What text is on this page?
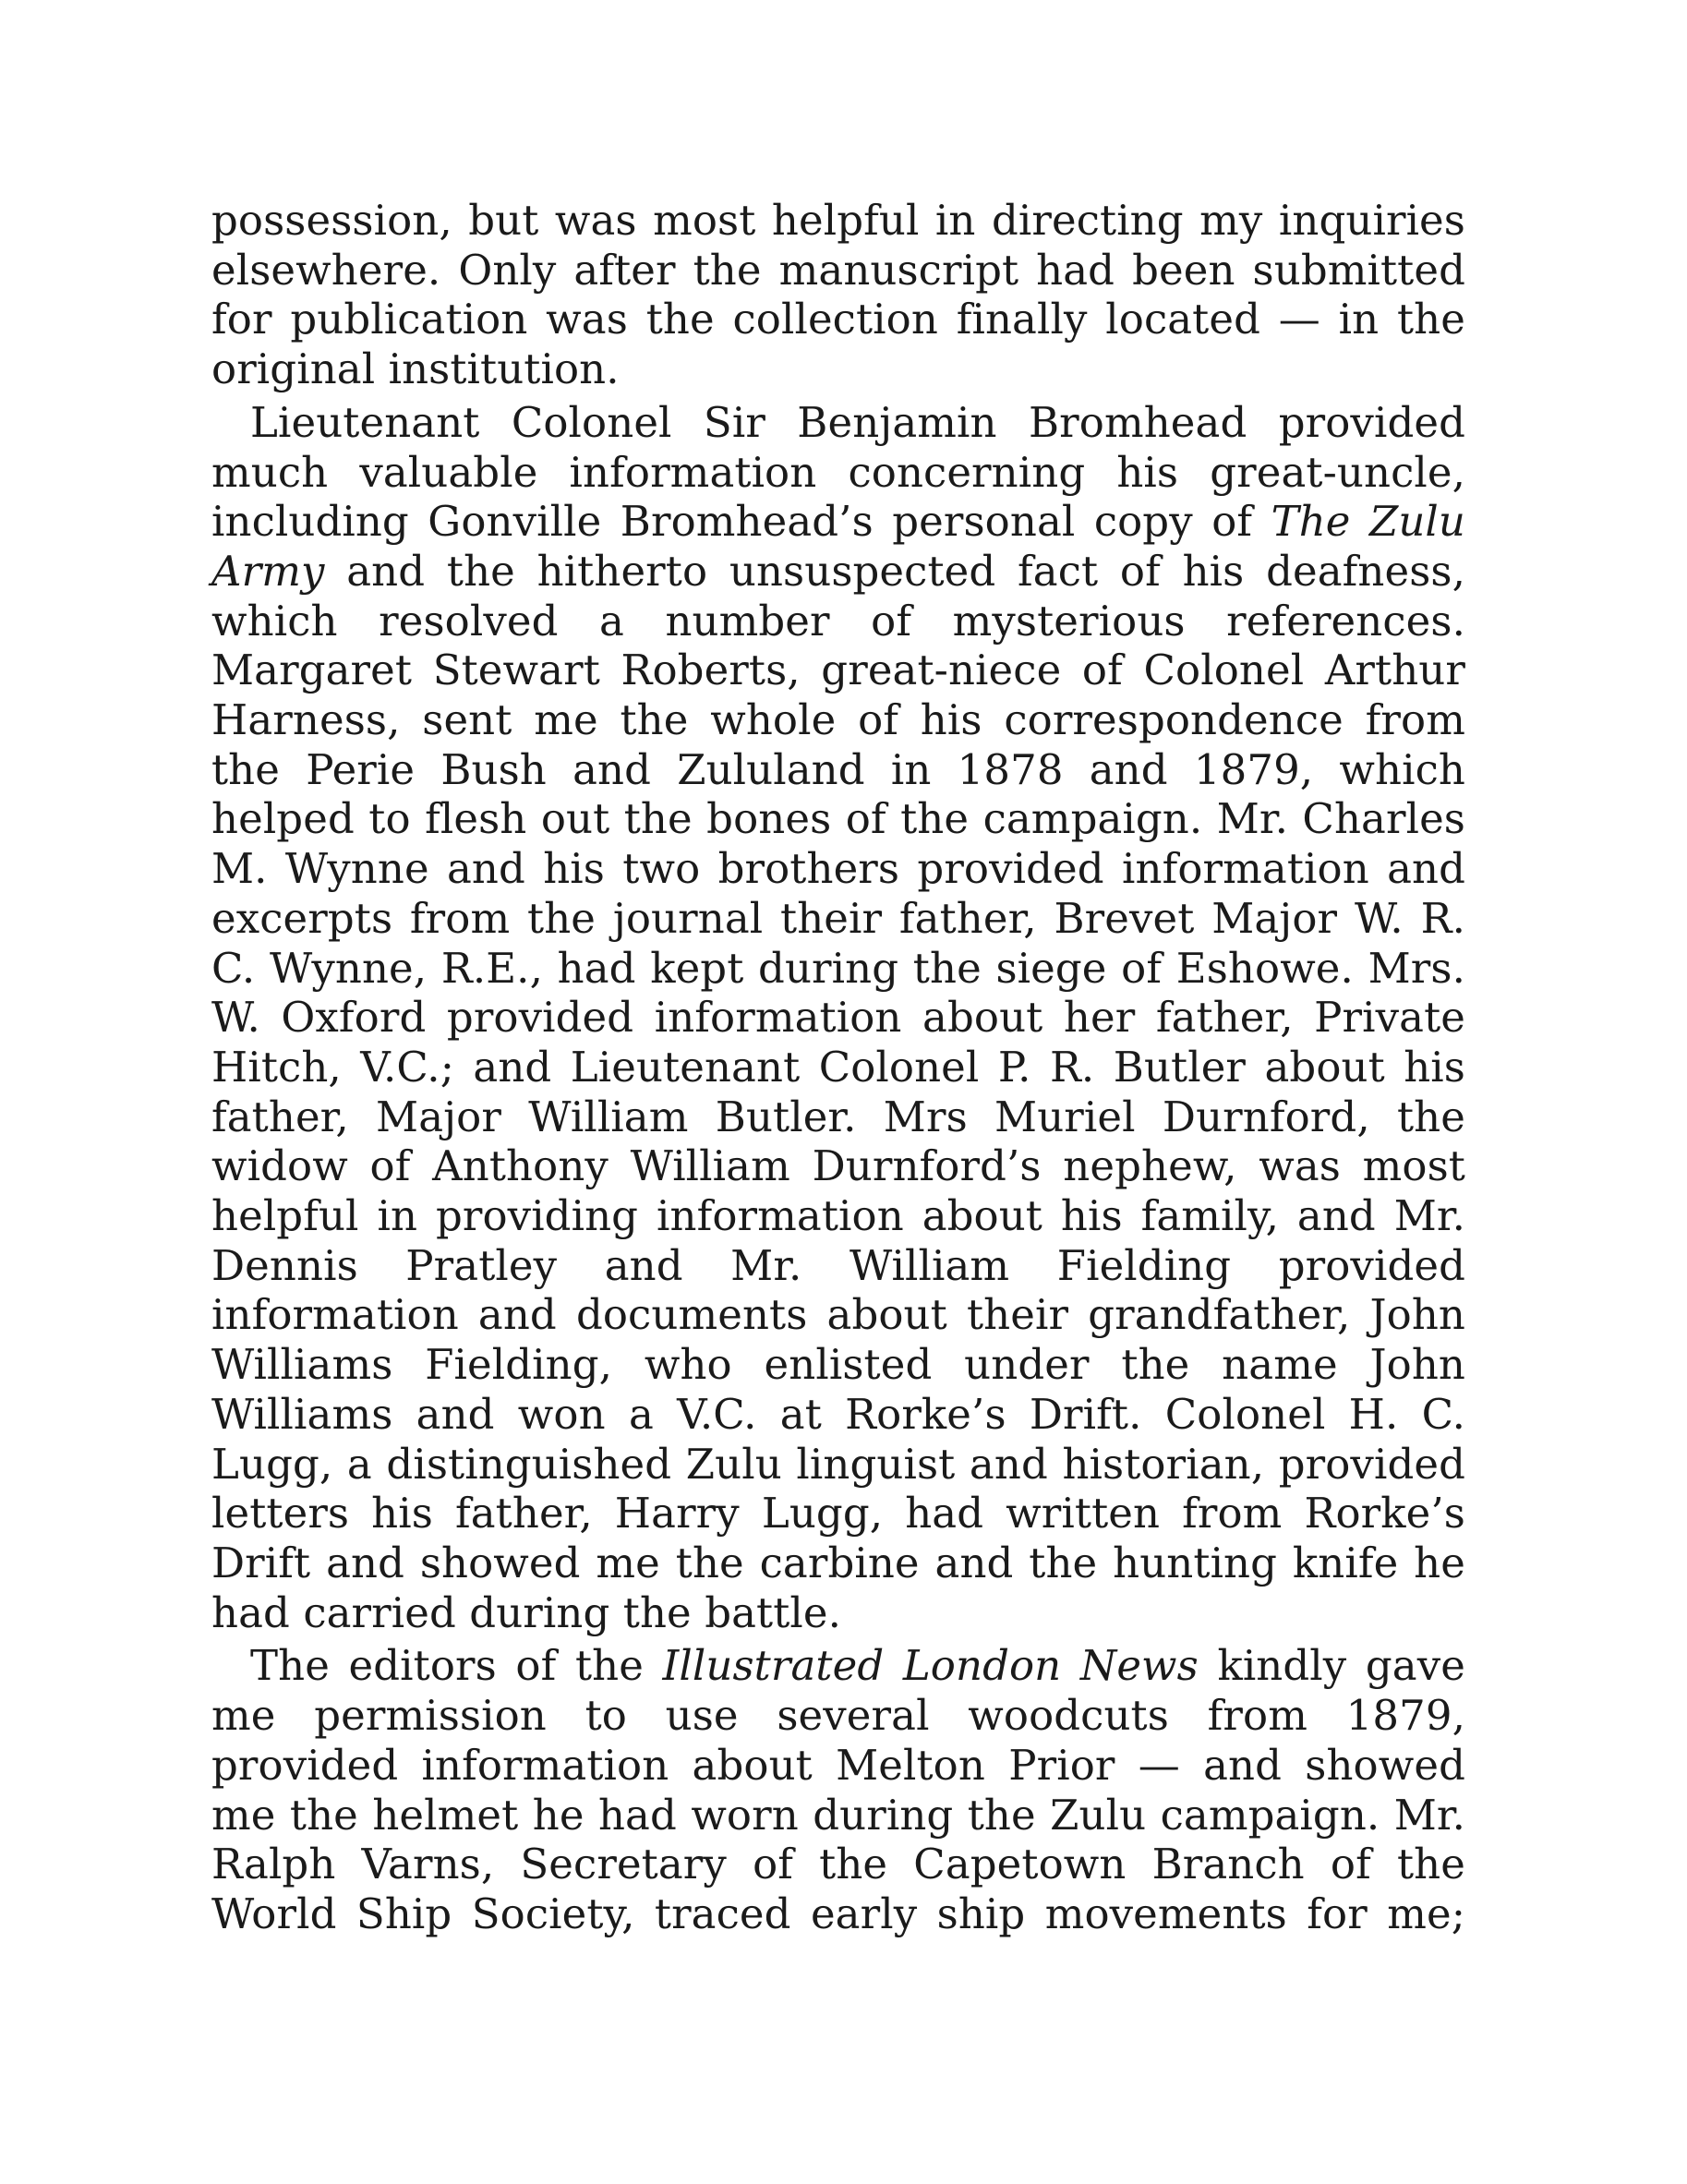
possession, but was most helpful in directing my inquiries elsewhere. Only after the manuscript had been submitted for publication was the collection finally located — in the original institution.

Lieutenant Colonel Sir Benjamin Bromhead provided much valuable information concerning his great-uncle, including Gonville Bromhead’s personal copy of The Zulu Army and the hitherto unsuspected fact of his deafness, which resolved a number of mysterious references. Margaret Stewart Roberts, great-niece of Colonel Arthur Harness, sent me the whole of his correspondence from the Perie Bush and Zululand in 1878 and 1879, which helped to flesh out the bones of the campaign. Mr. Charles M. Wynne and his two brothers provided information and excerpts from the journal their father, Brevet Major W. R. C. Wynne, R.E., had kept during the siege of Eshowe. Mrs. W. Oxford provided information about her father, Private Hitch, V.C.; and Lieutenant Colonel P. R. Butler about his father, Major William Butler. Mrs Muriel Durnford, the widow of Anthony William Durnford’s nephew, was most helpful in providing information about his family, and Mr. Dennis Pratley and Mr. William Fielding provided information and documents about their grandfather, John Williams Fielding, who enlisted under the name John Williams and won a V.C. at Rorke’s Drift. Colonel H. C. Lugg, a distinguished Zulu linguist and historian, provided letters his father, Harry Lugg, had written from Rorke’s Drift and showed me the carbine and the hunting knife he had carried during the battle.

The editors of the Illustrated London News kindly gave me permission to use several woodcuts from 1879, provided information about Melton Prior — and showed me the helmet he had worn during the Zulu campaign. Mr. Ralph Varns, Secretary of the Capetown Branch of the World Ship Society, traced early ship movements for me;
